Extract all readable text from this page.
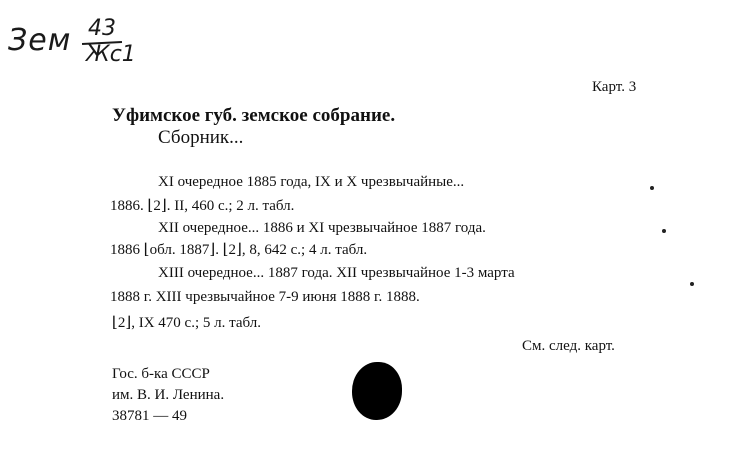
Зем 43
Жс1
Карт. 3
Уфимское губ. земское собрание.
Сборник...
XI очередное 1885 года, IX и X чрезвычайные...
1886. ⌊2⌋. II, 460 с.; 2 л. табл.
XII очередное... 1886 и XI чрезвычайное 1887 года.
1886 ⌊обл. 1887⌋. ⌊2⌋, 8, 642 с.; 4 л. табл.
XIII очередное... 1887 года. XII чрезвычайное 1-3 марта
1888 г. XIII чрезвычайное 7-9 июня 1888 г. 1888.
⌊2⌋, IX 470 с.; 5 л. табл.
См. след. карт.
Гос. б-ка СССР
им. В. И. Ленина.
38781 — 49
